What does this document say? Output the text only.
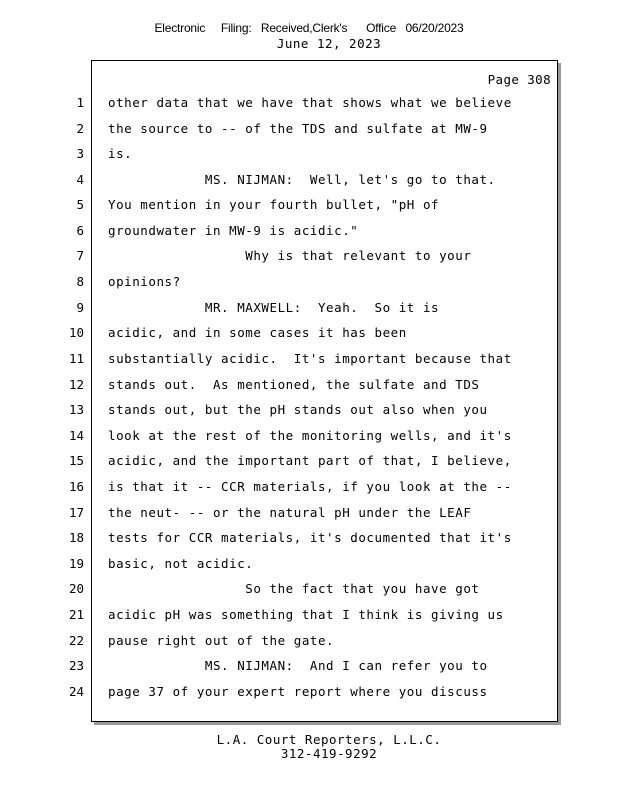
Electronic     Filing:   Received,Clerk's      Office   06/20/2023
June 12, 2023
Page 308
1 other data that we have that shows what we believe
2 the source to -- of the TDS and sulfate at MW-9
3 is.
4 MS. NIJMAN:  Well, let's go to that.
5 You mention in your fourth bullet, "pH of
6 groundwater in MW-9 is acidic."
7 Why is that relevant to your
8 opinions?
9 MR. MAXWELL:  Yeah.  So it is
10 acidic, and in some cases it has been
11 substantially acidic.  It's important because that
12 stands out.  As mentioned, the sulfate and TDS
13 stands out, but the pH stands out also when you
14 look at the rest of the monitoring wells, and it's
15 acidic, and the important part of that, I believe,
16 is that it -- CCR materials, if you look at the --
17 the neut- -- or the natural pH under the LEAF
18 tests for CCR materials, it's documented that it's
19 basic, not acidic.
20 So the fact that you have got
21 acidic pH was something that I think is giving us
22 pause right out of the gate.
23 MS. NIJMAN:  And I can refer you to
24 page 37 of your expert report where you discuss
L.A. Court Reporters, L.L.C.
312-419-9292
